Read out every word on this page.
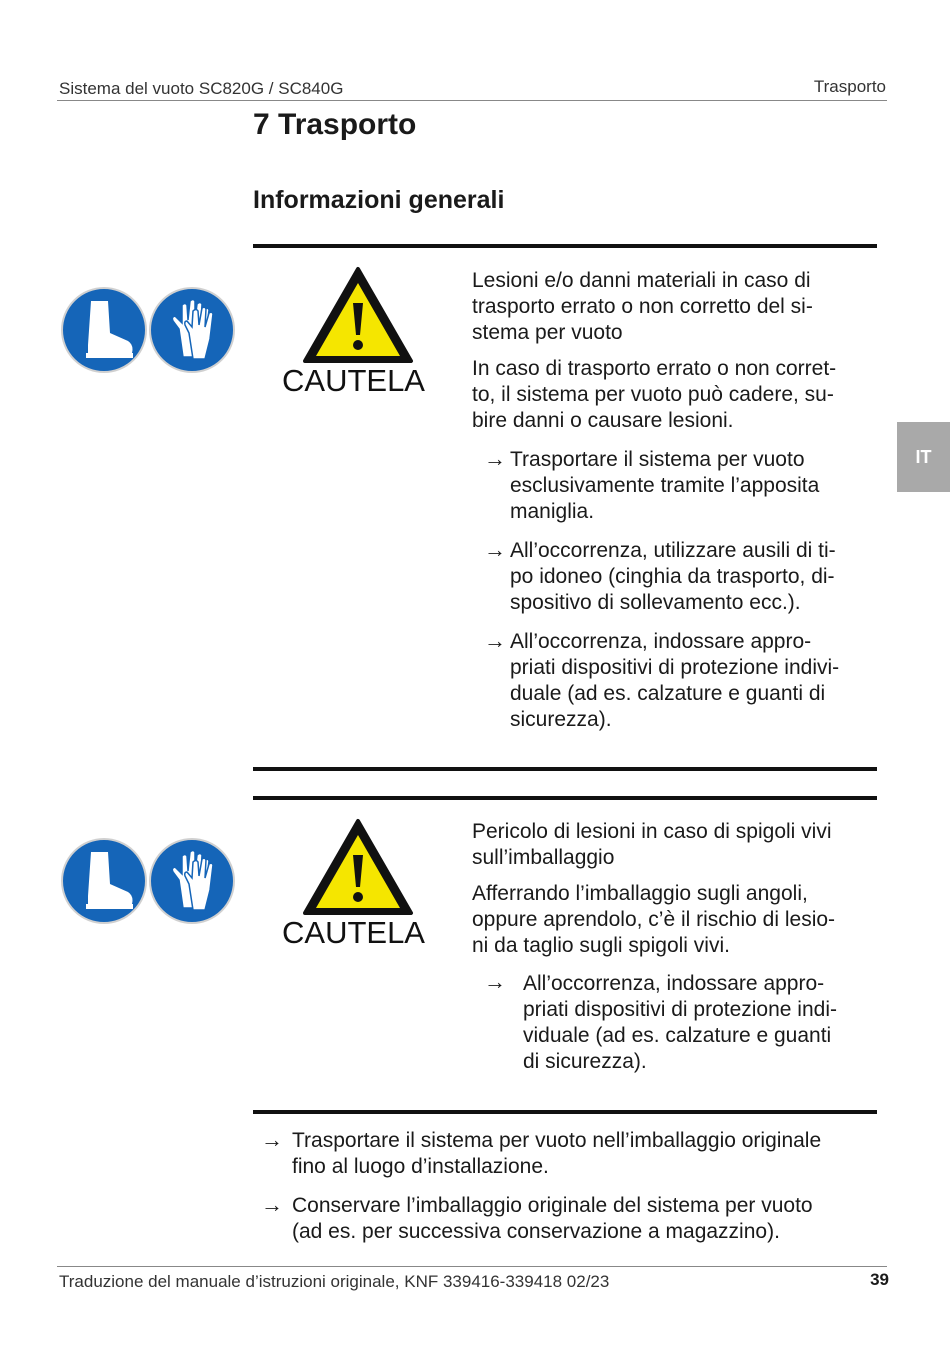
Sistema del vuoto SC820G / SC840G	Trasporto
7 Trasporto
Informazioni generali
IT
CAUTELA

Lesioni e/o danni materiali in caso di

trasporto errato o non corretto del si-

stema per vuoto

In caso di trasporto errato o non corret-

to, il sistema per vuoto può cadere, su-

bire danni o causare lesioni.

→ Trasportare il sistema per vuoto

esclusivamente tramite l’apposita

maniglia.

→ All’occorrenza, utilizzare ausili di ti-

po idoneo (cinghia da trasporto, di-

spositivo di sollevamento ecc.).

→ All’occorrenza, indossare appro-

priati dispositivi di protezione indivi-

duale (ad es. calzature e guanti di

sicurezza).

CAUTELA

Pericolo di lesioni in caso di spigoli vivi

sull’imballaggio

Afferrando l’imballaggio sugli angoli,

oppure aprendolo, c’è il rischio di lesio-

ni da taglio sugli spigoli vivi.

→ All’occorrenza, indossare appro-

priati dispositivi di protezione indi-

viduale (ad es. calzature e guanti

di sicurezza).

→ Trasportare il sistema per vuoto nell’imballaggio originale

fino al luogo d’installazione.

→ Conservare l’imballaggio originale del sistema per vuoto

(ad es. per successiva conservazione a magazzino).

Traduzione del manuale d’istruzioni originale, KNF 339416-339418 02/23	39
